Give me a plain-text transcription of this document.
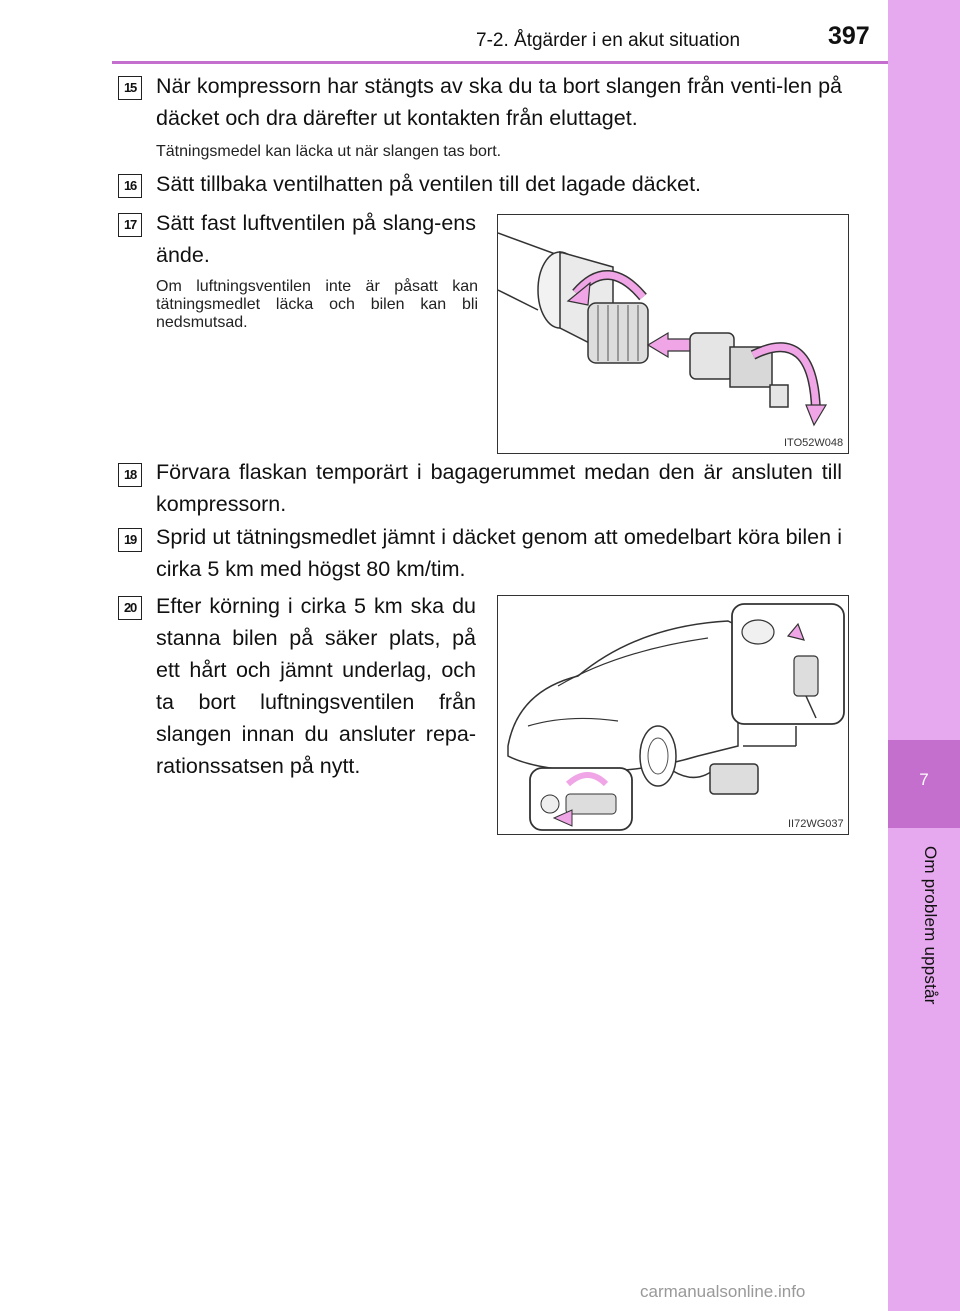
7
Om problem uppstår
7-2. Åtgärder i en akut situation	397
15 När kompressorn har stängts av ska du ta bort slangen från venti-len på däcket och dra därefter ut kontakten från eluttaget.
Tätningsmedel kan läcka ut när slangen tas bort.
16 Sätt tillbaka ventilhatten på ventilen till det lagade däcket.
17 Sätt fast luftventilen på slang-ens ände.
Om luftningsventilen inte är påsatt kan tätningsmedlet läcka och bilen kan bli nedsmutsad.
ITO52W048
18 Förvara flaskan temporärt i bagagerummet medan den är ansluten till kompressorn.
19 Sprid ut tätningsmedlet jämnt i däcket genom att omedelbart köra bilen i cirka 5 km med högst 80 km/tim.
20 Efter körning i cirka 5 km ska du stanna bilen på säker plats, på ett hårt och jämnt underlag, och ta bort luftningsventilen från slangen innan du ansluter repa-rationssatsen på nytt.
II72WG037
carmanualsonline.info
